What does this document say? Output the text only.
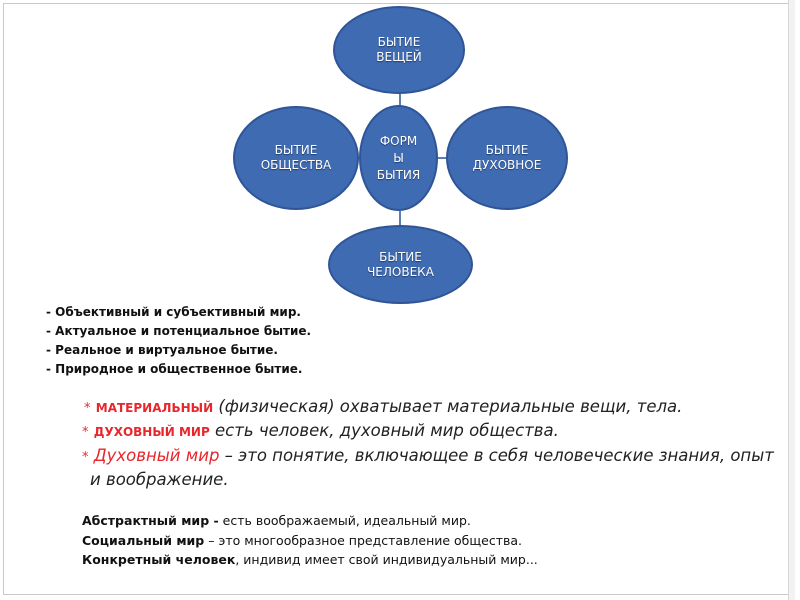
БЫТИЕ
ВЕЩЕЙ
БЫТИЕ
ОБЩЕСТВА
ФОРМ
Ы
БЫТИЯ
БЫТИЕ
ДУХОВНОЕ
БЫТИЕ
ЧЕЛОВЕКА
- Объективный и субъективный мир.
- Актуальное и потенциальное бытие.
- Реальное и виртуальное бытие.
- Природное и общественное бытие.
* МАТЕРИАЛЬНЫЙ (физическая) охватывает материальные вещи, тела.
* ДУХОВНЫЙ МИР есть человек, духовный мир общества.
* Духовный мир – это понятие, включающее в себя человеческие знания, опыт
и воображение.
Абстрактный мир - есть воображаемый, идеальный мир.
Социальный мир – это многообразное представление общества.
Конкретный человек, индивид имеет свой индивидуальный мир...
